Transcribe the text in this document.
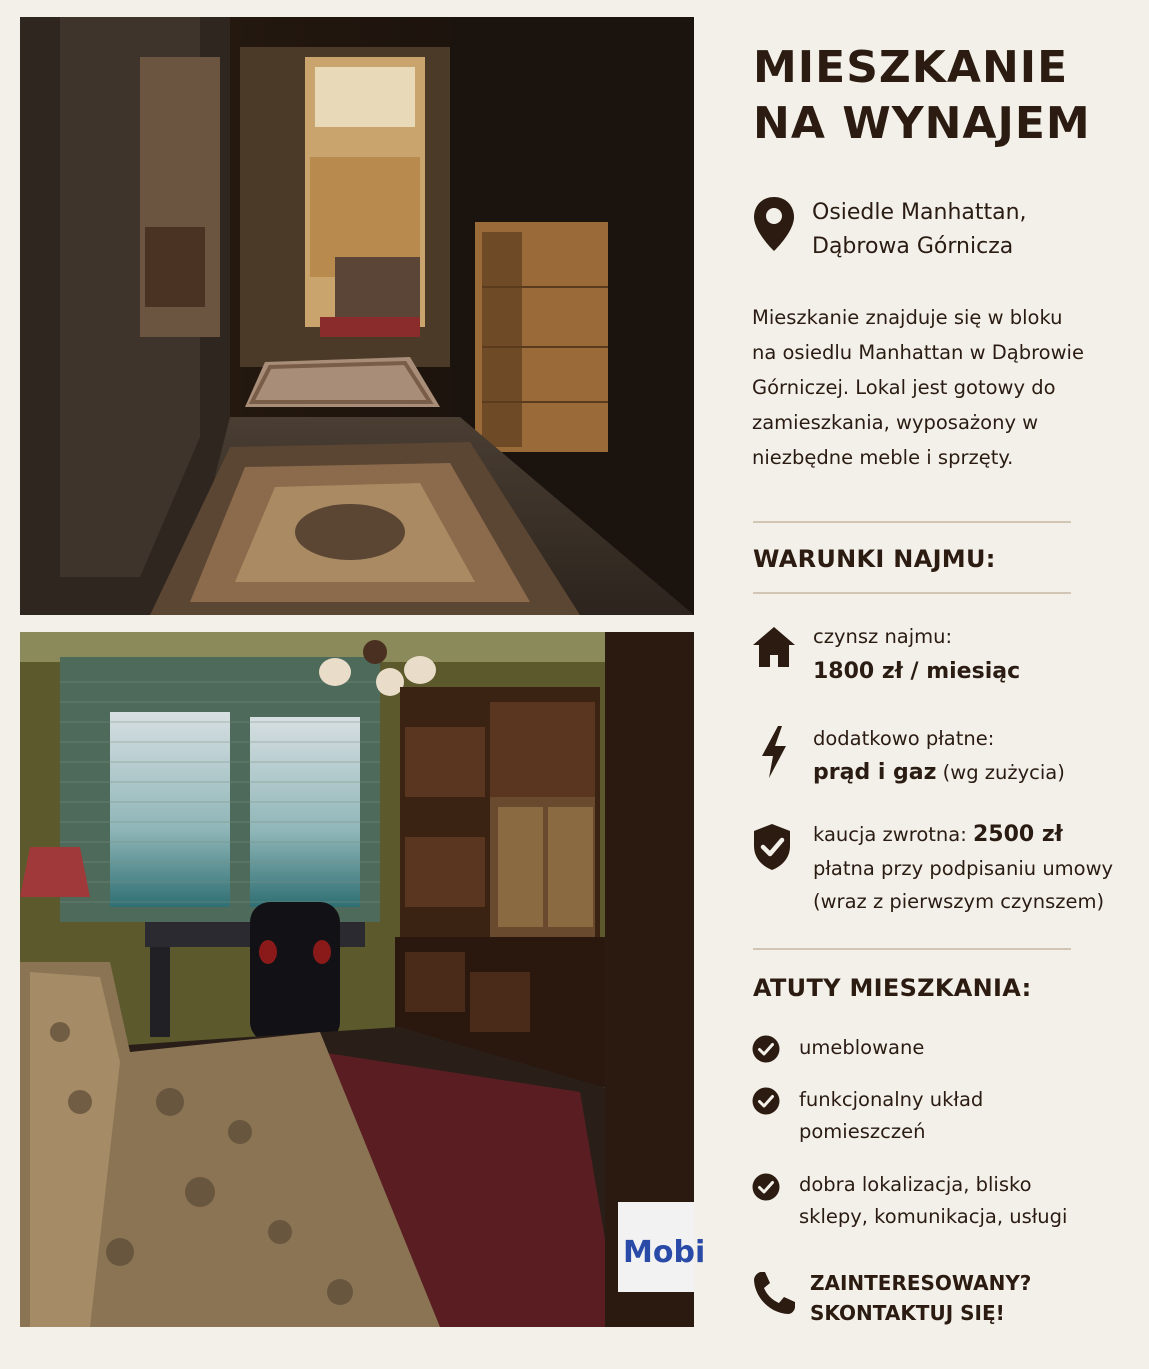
Mobi
MIESZKANIE
NA WYNAJEM
Osiedle Manhattan,
Dąbrowa Górnicza
Mieszkanie znajduje się w bloku
na osiedlu Manhattan w Dąbrowie
Górniczej. Lokal jest gotowy do
zamieszkania, wyposażony w
niezbędne meble i sprzęty.
WARUNKI NAJMU:
czynsz najmu:
1800 zł / miesiąc
dodatkowo płatne:
prąd i gaz (wg zużycia)
kaucja zwrotna: 2500 zł
płatna przy podpisaniu umowy
(wraz z pierwszym czynszem)
ATUTY MIESZKANIA:
umeblowane
funkcjonalny układ
pomieszczeń
dobra lokalizacja, blisko
sklepy, komunikacja, usługi
ZAINTERESOWANY?
SKONTAKTUJ SIĘ!
